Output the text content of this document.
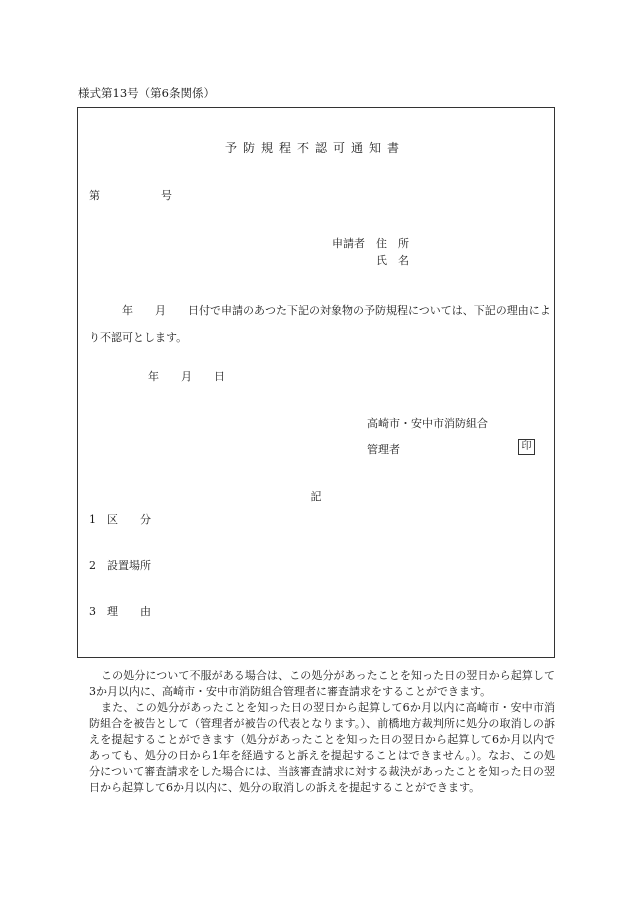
様式第13号（第6条関係）
予防規程不認可通知書
第	号
申請者 住　所
氏　名
　　　年　　月　　日付で申請のあつた下記の対象物の予防規程については、下記の理由により不認可とします。
年　　月　　日
高崎市・安中市消防組合
管理者	印
記
1 区　　分
2 設置場所
3 理　　由

この処分について不服がある場合は、この処分があったことを知った日の翌日から起算して3か月以内に、高崎市・安中市消防組合管理者に審査請求をすることができます。

また、この処分があったことを知った日の翌日から起算して6か月以内に高崎市・安中市消防組合を被告として（管理者が被告の代表となります。）、前橋地方裁判所に処分の取消しの訴えを提起することができます（処分があったことを知った日の翌日から起算して6か月以内であっても、処分の日から1年を経過すると訴えを提起することはできません。）。なお、この処分について審査請求をした場合には、当該審査請求に対する裁決があったことを知った日の翌日から起算して6か月以内に、処分の取消しの訴えを提起することができます。
